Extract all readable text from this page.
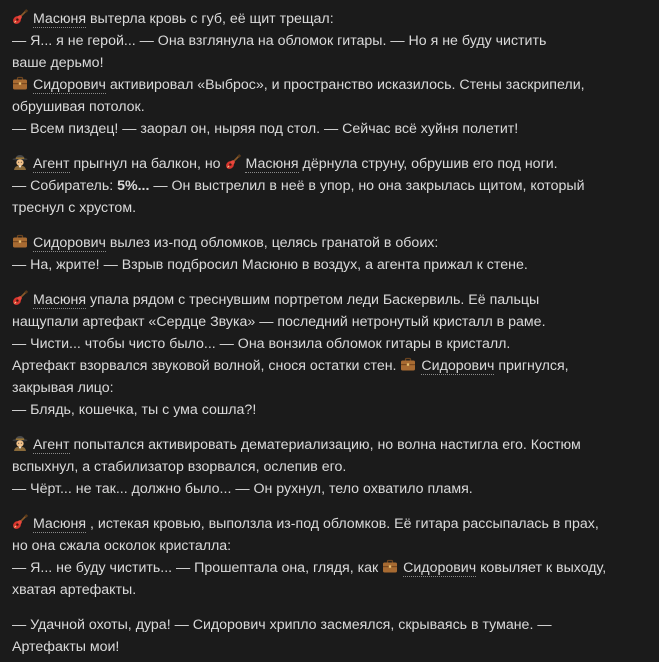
Масюня вытерла кровь с губ, её щит трещал:
— Я... я не герой... — Она взглянула на обломок гитары. — Но я не буду чистить
ваше дерьмо!
Сидорович активировал «Выброс», и пространство исказилось. Стены заскрипели,
обрушивая потолок.
— Всем пиздец! — заорал он, ныряя под стол. — Сейчас всё хуйня полетит!
Агент прыгнул на балкон, но
Масюня дёрнула струну, обрушив его под ноги.
— Собиратель: 5%... — Он выстрелил в неё в упор, но она закрылась щитом, который
треснул с хрустом.
Сидорович вылез из-под обломков, целясь гранатой в обоих:
— На, жрите! — Взрыв подбросил Масюню в воздух, а агента прижал к стене.
Масюня упала рядом с треснувшим портретом леди Баскервиль. Её пальцы
нащупали артефакт «Сердце Звука» — последний нетронутый кристалл в раме.
— Чисти... чтобы чисто было... — Она вонзила обломок гитары в кристалл.
Артефакт взорвался звуковой волной, снося остатки стен.
Сидорович пригнулся,
закрывая лицо:
— Блядь, кошечка, ты с ума сошла?!
Агент попытался активировать дематериализацию, но волна настигла его. Костюм
вспыхнул, а стабилизатор взорвался, ослепив его.
— Чёрт... не так... должно было... — Он рухнул, тело охватило пламя.
Масюня , истекая кровью, выползла из-под обломков. Её гитара рассыпалась в прах,
но она сжала осколок кристалла:
— Я... не буду чистить... — Прошептала она, глядя, как
Сидорович ковыляет к выходу,
хватая артефакты.
— Удачной охоты, дура! — Сидорович хрипло засмеялся, скрываясь в тумане. —
Артефакты мои!
